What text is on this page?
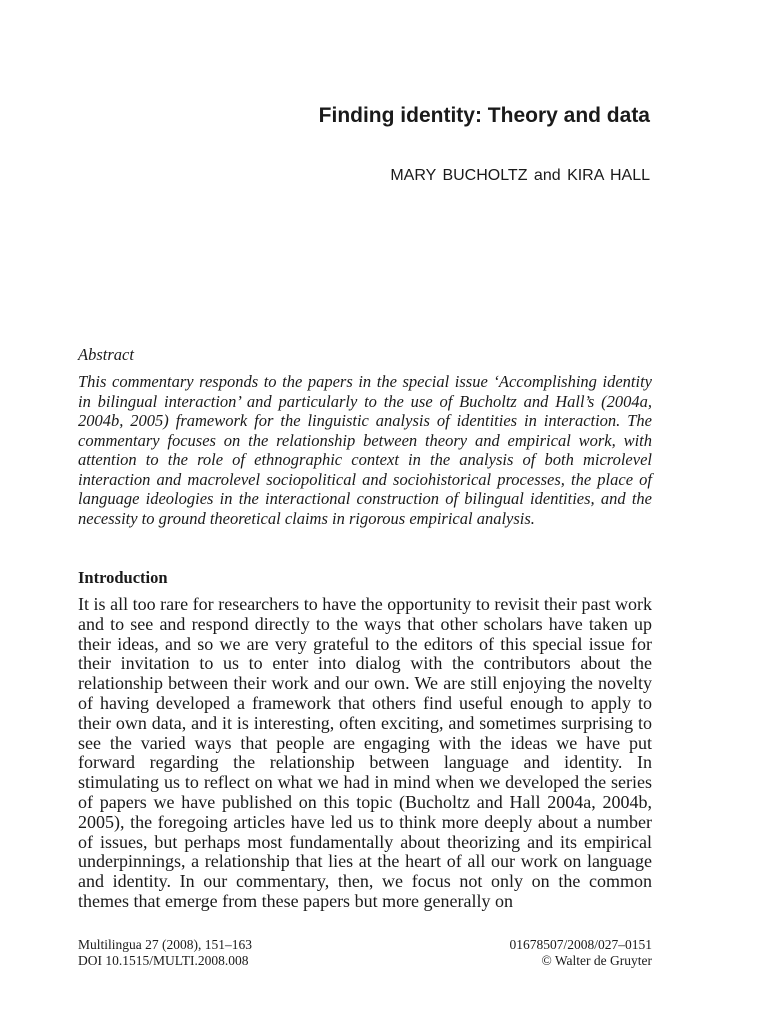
Finding identity: Theory and data
MARY BUCHOLTZ and KIRA HALL
Abstract
This commentary responds to the papers in the special issue ‘Accomplishing identity in bilingual interaction’ and particularly to the use of Bucholtz and Hall’s (2004a, 2004b, 2005) framework for the linguistic analysis of identities in interaction. The commentary focuses on the relationship between theory and empirical work, with attention to the role of ethnographic context in the analysis of both microlevel interaction and macrolevel sociopolitical and sociohistorical processes, the place of language ideologies in the interactional construction of bilingual identities, and the necessity to ground theoretical claims in rigorous empirical analysis.
Introduction
It is all too rare for researchers to have the opportunity to revisit their past work and to see and respond directly to the ways that other scholars have taken up their ideas, and so we are very grateful to the editors of this special issue for their invitation to us to enter into dialog with the contributors about the relationship between their work and our own. We are still enjoying the novelty of having developed a framework that others find useful enough to apply to their own data, and it is interesting, often exciting, and sometimes surprising to see the varied ways that people are engaging with the ideas we have put forward regarding the relationship between language and identity. In stimulating us to reflect on what we had in mind when we developed the series of papers we have published on this topic (Bucholtz and Hall 2004a, 2004b, 2005), the foregoing articles have led us to think more deeply about a number of issues, but perhaps most fundamentally about theorizing and its empirical underpinnings, a relationship that lies at the heart of all our work on language and identity. In our commentary, then, we focus not only on the common themes that emerge from these papers but more generally on
Multilingua 27 (2008), 151–163
DOI 10.1515/MULTI.2008.008
01678507/2008/027–0151
© Walter de Gruyter
